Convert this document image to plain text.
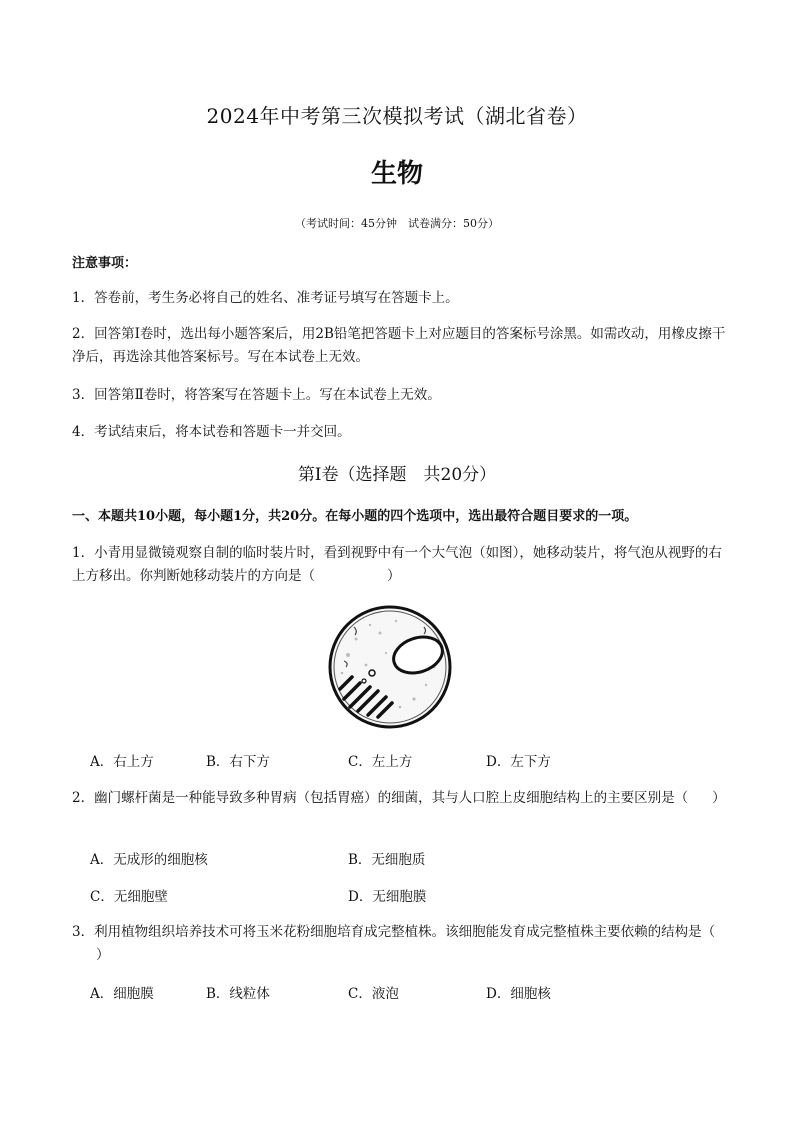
2024年中考第三次模拟考试（湖北省卷）
生物
（考试时间：45分钟　试卷满分：50分）
注意事项：
1．答卷前，考生务必将自己的姓名、准考证号填写在答题卡上。
2．回答第Ⅰ卷时，选出每小题答案后，用2B铅笔把答题卡上对应题目的答案标号涂黑。如需改动，用橡皮擦干净后，再选涂其他答案标号。写在本试卷上无效。
3．回答第Ⅱ卷时，将答案写在答题卡上。写在本试卷上无效。
4．考试结束后，将本试卷和答题卡一并交回。
第Ⅰ卷（选择题　共20分）
一、本题共10小题，每小题1分，共20分。在每小题的四个选项中，选出最符合题目要求的一项。
1．小青用显微镜观察自制的临时装片时，看到视野中有一个大气泡（如图），她移动装片，将气泡从视野的右上方移出。你判断她移动装片的方向是（	）
A．右上方	B．右下方	C．左上方	D．左下方
2．幽门螺杆菌是一种能导致多种胃病（包括胃癌）的细菌，其与人口腔上皮细胞结构上的主要区别是（ ）
A．无成形的细胞核	B．无细胞质
C．无细胞壁	D．无细胞膜
3．利用植物组织培养技术可将玉米花粉细胞培育成完整植株。该细胞能发育成完整植株主要依赖的结构是（）
A．细胞膜	B．线粒体	C．液泡	D．细胞核
